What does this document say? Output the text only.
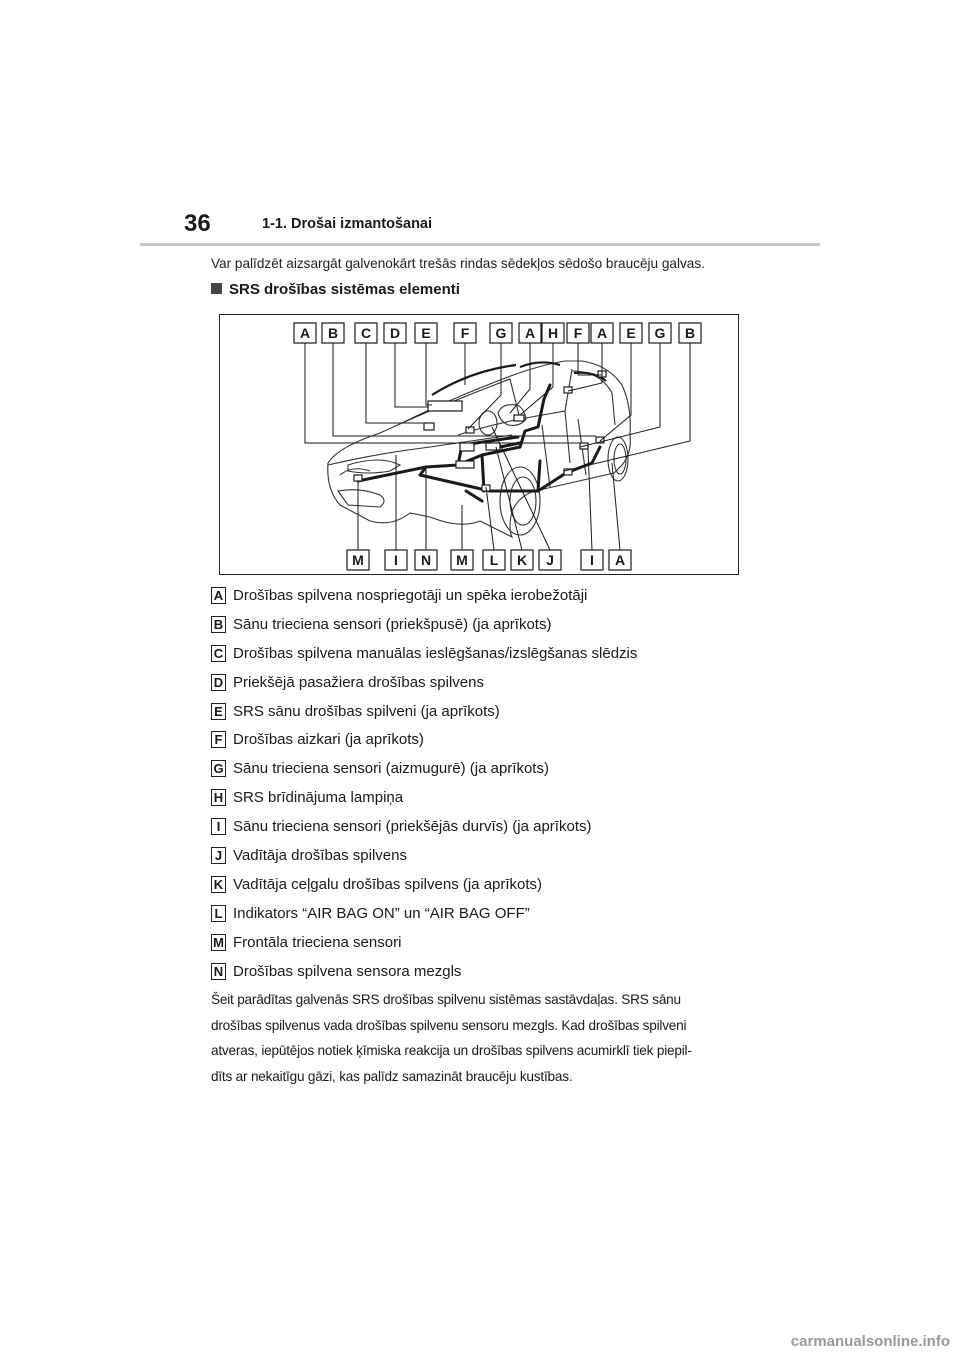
36	1-1. Drošai izmantošanai
Var palīdzēt aizsargāt galvenokārt trešās rindas sēdekļos sēdošo braucēju galvas.
SRS drošības sistēmas elementi
A B C D E F G A H F A E G B
M I N M L K J	I A
A Drošības spilvena nospriegotāji un spēka ierobežotāji
B Sānu trieciena sensori (priekšpusē) (ja aprīkots)
C Drošības spilvena manuālas ieslēgšanas/izslēgšanas slēdzis
D Priekšējā pasažiera drošības spilvens
E SRS sānu drošības spilveni (ja aprīkots)
F Drošības aizkari (ja aprīkots)
G Sānu trieciena sensori (aizmugurē) (ja aprīkots)
H SRS brīdinājuma lampiņa
I Sānu trieciena sensori (priekšējās durvīs) (ja aprīkots)
J Vadītāja drošības spilvens
K Vadītāja ceļgalu drošības spilvens (ja aprīkots)
L Indikators “AIR BAG ON” un “AIR BAG OFF”
M Frontāla trieciena sensori
N Drošības spilvena sensora mezgls
Šeit parādītas galvenās SRS drošības spilvenu sistēmas sastāvdaļas. SRS sānu
drošības spilvenus vada drošības spilvenu sensoru mezgls. Kad drošības spilveni
atveras, iepūtējos notiek ķīmiska reakcija un drošības spilvens acumirklī tiek piepil-
dīts ar nekaitīgu gāzi, kas palīdz samazināt braucēju kustības.
carmanualsonline.info
